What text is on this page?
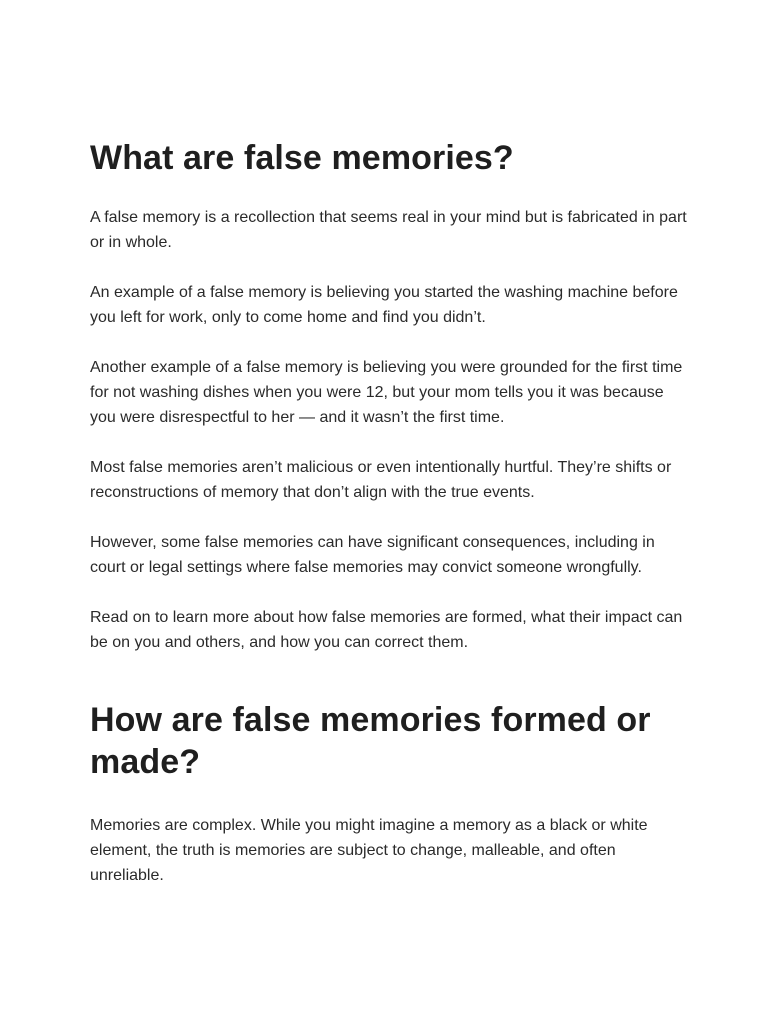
What are false memories?

A false memory is a recollection that seems real in your mind but is fabricated in part or in whole.

An example of a false memory is believing you started the washing machine before you left for work, only to come home and find you didn’t.

Another example of a false memory is believing you were grounded for the first time for not washing dishes when you were 12, but your mom tells you it was because you were disrespectful to her — and it wasn’t the first time.

Most false memories aren’t malicious or even intentionally hurtful. They’re shifts or reconstructions of memory that don’t align with the true events.

However, some false memories can have significant consequences, including in court or legal settings where false memories may convict someone wrongfully.

Read on to learn more about how false memories are formed, what their impact can be on you and others, and how you can correct them.

How are false memories formed or made?

Memories are complex. While you might imagine a memory as a black or white element, the truth is memories are subject to change, malleable, and often unreliable.
